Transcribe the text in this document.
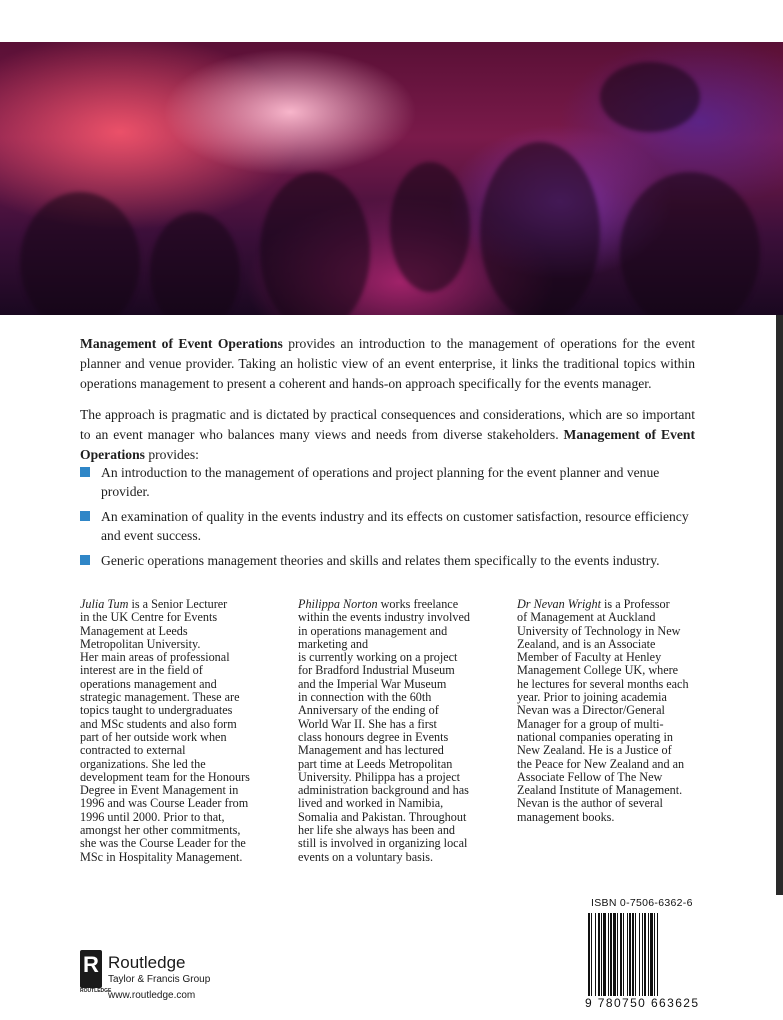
Management of Event Operations provides an introduction to the management of operations for the event planner and venue provider. Taking an holistic view of an event enterprise, it links the traditional topics within operations management to present a coherent and hands-on approach specifically for the events manager.

The approach is pragmatic and is dictated by practical consequences and considerations, which are so important to an event manager who balances many views and needs from diverse stakeholders. Management of Event Operations provides:

An introduction to the management of operations and project planning for the event planner and venue provider.
An examination of quality in the events industry and its effects on customer satisfaction, resource efficiency and event success.
Generic operations management theories and skills and relates them specifically to the events industry.

Julia Tum is a Senior Lecturer
in the UK Centre for Events
Management at Leeds
Metropolitan University.
Her main areas of professional
interest are in the field of
operations management and
strategic management. These are
topics taught to undergraduates
and MSc students and also form
part of her outside work when
contracted to external
organizations. She led the
development team for the Honours
Degree in Event Management in
1996 and was Course Leader from
1996 until 2000. Prior to that,
amongst her other commitments,
she was the Course Leader for the
MSc in Hospitality Management.

Philippa Norton works freelance
within the events industry involved
in operations management and
marketing and
is currently working on a project
for Bradford Industrial Museum
and the Imperial War Museum
in connection with the 60th
Anniversary of the ending of
World War II. She has a first
class honours degree in Events
Management and has lectured
part time at Leeds Metropolitan
University. Philippa has a project
administration background and has
lived and worked in Namibia,
Somalia and Pakistan. Throughout
her life she always has been and
still is involved in organizing local
events on a voluntary basis.

Dr Nevan Wright is a Professor
of Management at Auckland
University of Technology in New
Zealand, and is an Associate
Member of Faculty at Henley
Management College UK, where
he lectures for several months each
year. Prior to joining academia
Nevan was a Director/General
Manager for a group of multi-
national companies operating in
New Zealand. He is a Justice of
the Peace for New Zealand and an
Associate Fellow of The New
Zealand Institute of Management.
Nevan is the author of several
management books.

R
ROUTLEDGE

Routledge

Taylor & Francis Group

www.routledge.com

ISBN 0-7506-6362-6

9 780750 663625
